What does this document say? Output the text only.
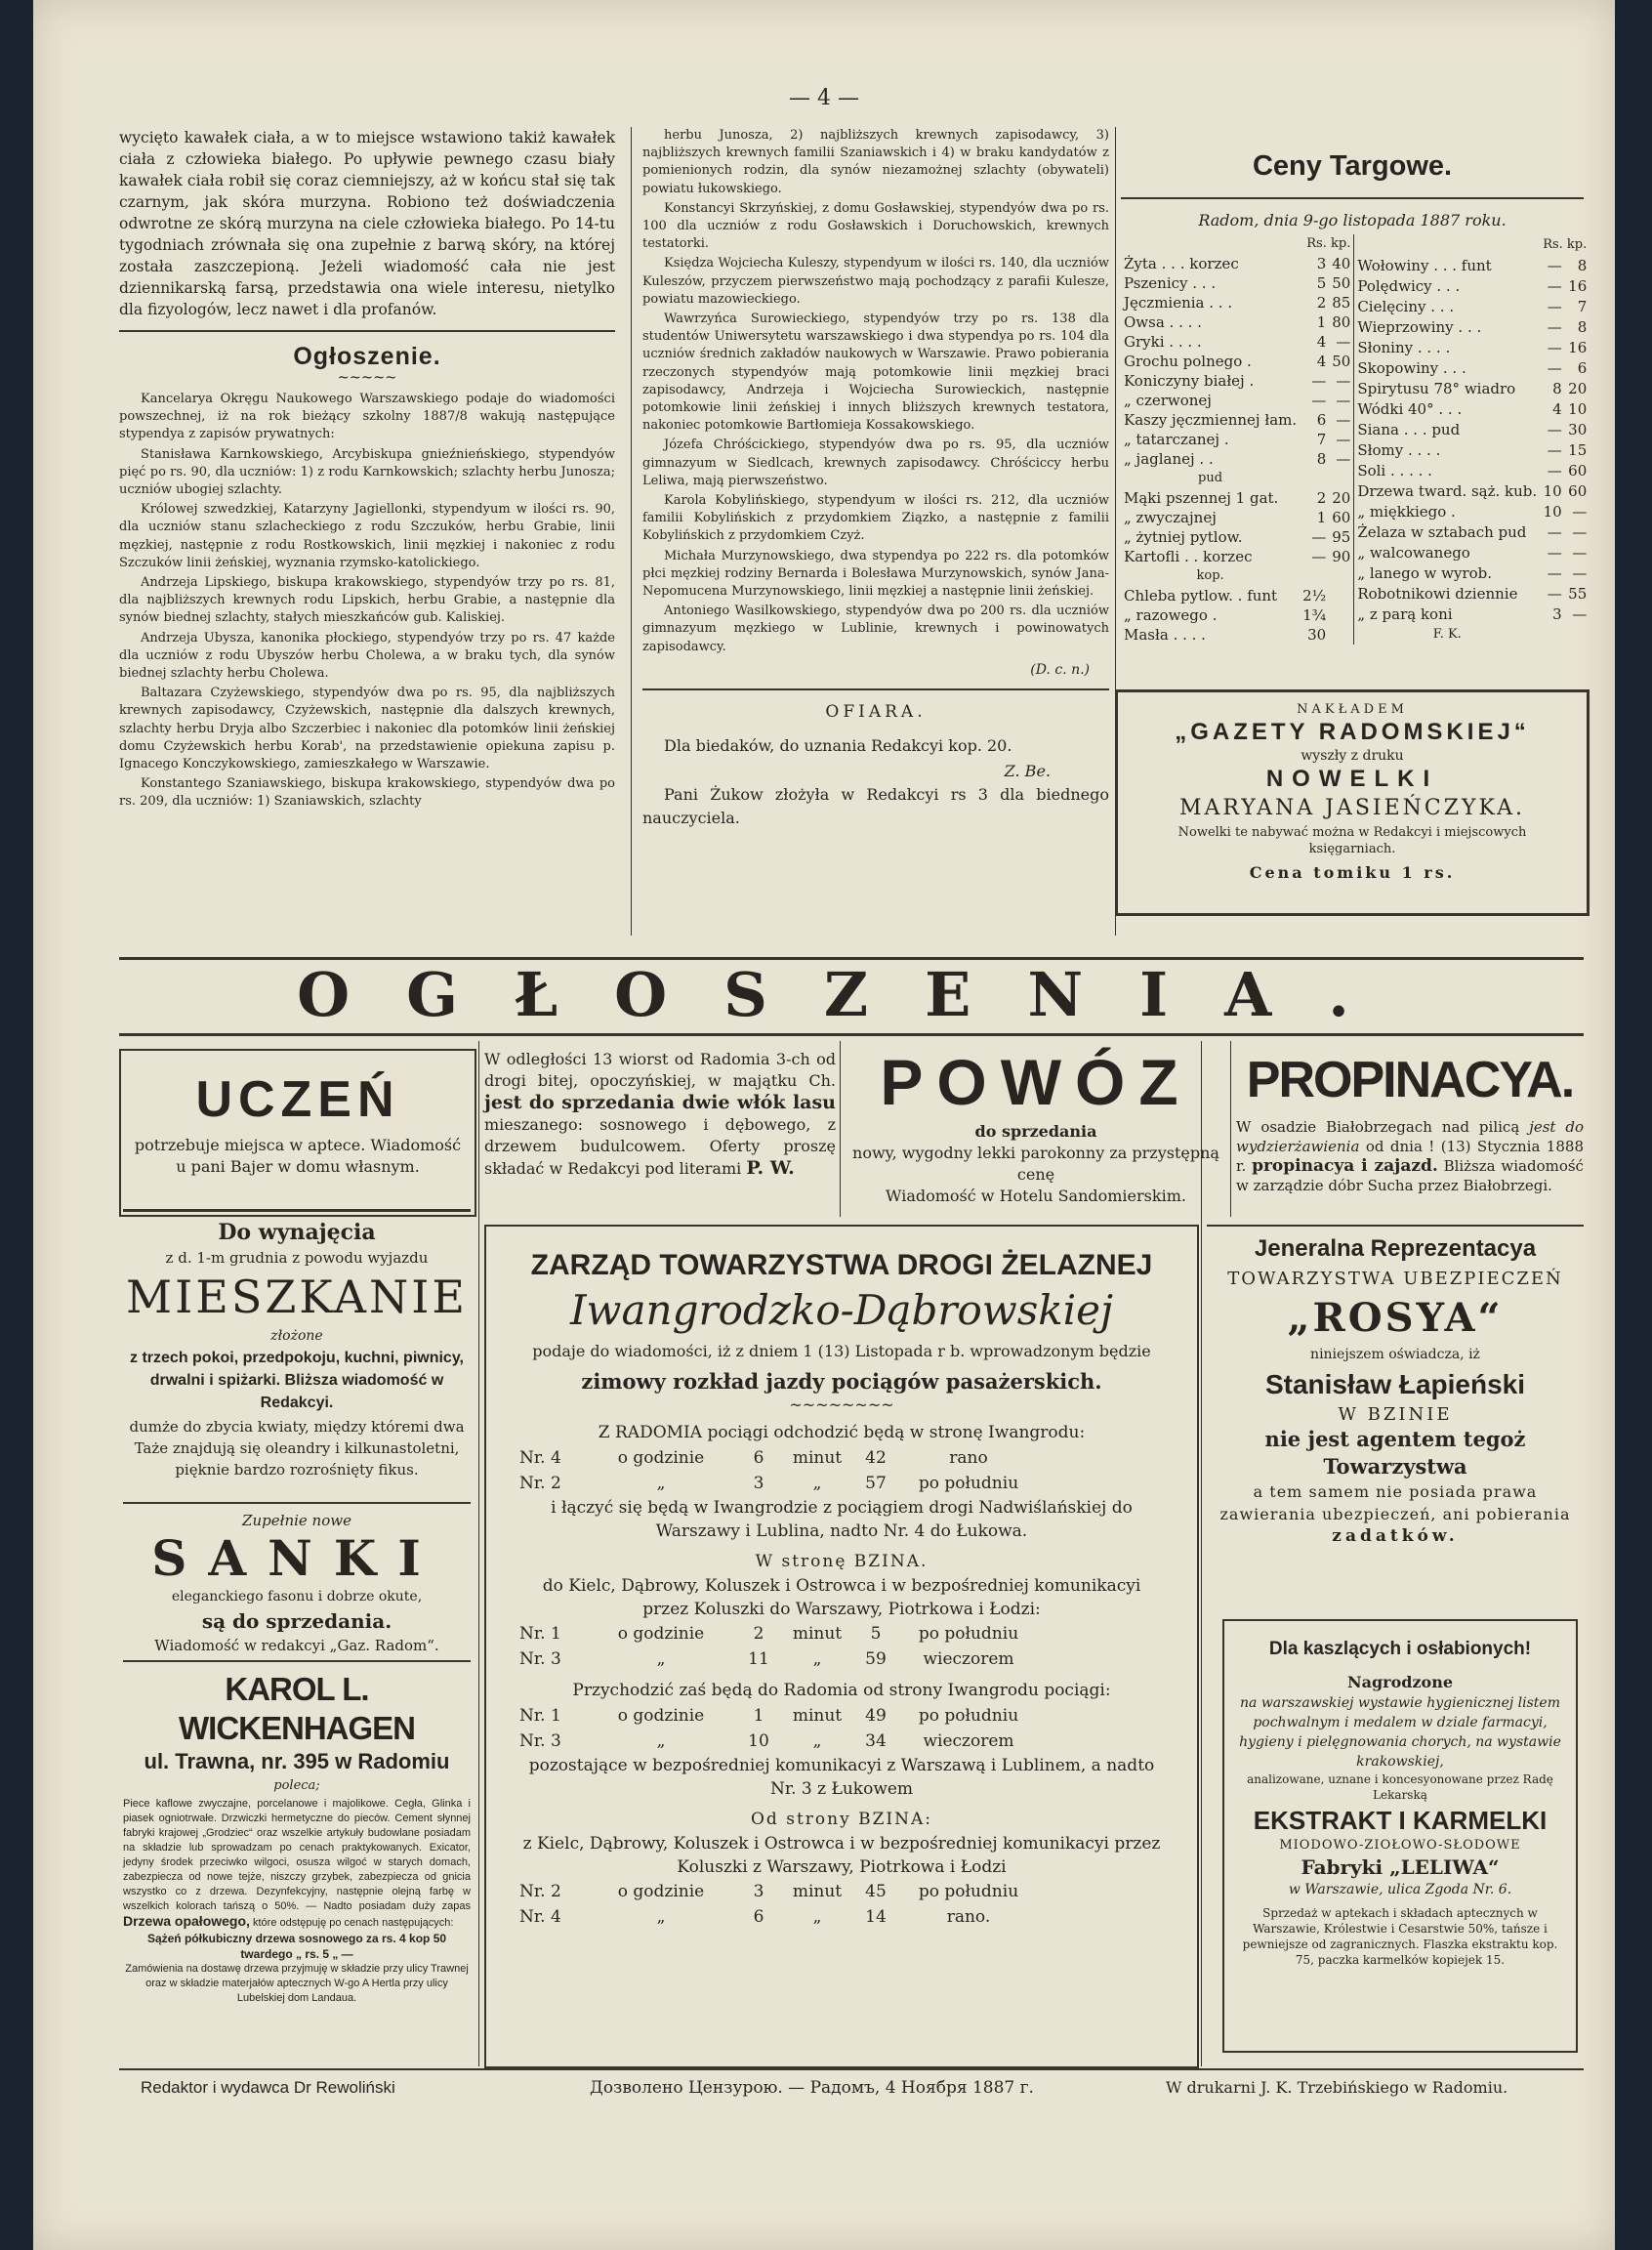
— 4 —

wycięto kawałek ciała, a w to miejsce wstawiono takiż kawałek ciała z człowieka białego. Po upływie pewnego czasu biały kawałek ciała robił się coraz ciemniejszy, aż w końcu stał się tak czarnym, jak skóra murzyna. Robiono też doświadczenia odwrotne ze skórą murzyna na ciele człowieka białego. Po 14-tu tygodniach zrównała się ona zupełnie z barwą skóry, na której została zaszczepioną. Jeżeli wiadomość cała nie jest dziennikarską farsą, przedstawia ona wiele interesu, nietylko dla fizyologów, lecz nawet i dla profanów.

Ogłoszenie.
~~~~~

Kancelarya Okręgu Naukowego Warszawskiego podaje do wiadomości powszechnej, iż na rok bieżący szkolny 1887/8 wakują następujące stypendya z zapisów prywatnych:

Stanisława Karnkowskiego, Arcybiskupa gnieźnieńskiego, stypendyów pięć po rs. 90, dla uczniów: 1) z rodu Karnkowskich; szlachty herbu Junosza; uczniów ubogiej szlachty.

Królowej szwedzkiej, Katarzyny Jagiellonki, stypendyum w ilości rs. 90, dla uczniów stanu szlacheckiego z rodu Szczuków, herbu Grabie, linii męzkiej, następnie z rodu Rostkowskich, linii męzkiej i nakoniec z rodu Szczuków linii żeńskiej, wyznania rzymsko-katolickiego.

Andrzeja Lipskiego, biskupa krakowskiego, stypendyów trzy po rs. 81, dla najbliższych krewnych rodu Lipskich, herbu Grabie, a następnie dla synów biednej szlachty, stałych mieszkańców gub. Kaliskiej.

Andrzeja Ubysza, kanonika płockiego, stypendyów trzy po rs. 47 każde dla uczniów z rodu Ubyszów herbu Cholewa, a w braku tych, dla synów biednej szlachty herbu Cholewa.

Baltazara Czyżewskiego, stypendyów dwa po rs. 95, dla najbliższych krewnych zapisodawcy, Czyżewskich, następnie dla dalszych krewnych, szlachty herbu Dryja albo Szczerbiec i nakoniec dla potomków linii żeńskiej domu Czyżewskich herbu Korab', na przedstawienie opiekuna zapisu p. Ignacego Konczykowskiego, zamieszkałego w Warszawie.

Konstantego Szaniawskiego, biskupa krakowskiego, stypendyów dwa po rs. 209, dla uczniów: 1) Szaniawskich, szlachty

herbu Junosza, 2) najbliższych krewnych zapisodawcy, 3) najbliższych krewnych familii Szaniawskich i 4) w braku kandydatów z pomienionych rodzin, dla synów niezamożnej szlachty (obywateli) powiatu łukowskiego.

Konstancyi Skrzyńskiej, z domu Gosławskiej, stypendyów dwa po rs. 100 dla uczniów z rodu Gosławskich i Doruchowskich, krewnych testatorki.

Księdza Wojciecha Kuleszy, stypendyum w ilości rs. 140, dla uczniów Kuleszów, przyczem pierwszeństwo mają pochodzący z parafii Kulesze, powiatu mazowieckiego.

Wawrzyńca Surowieckiego, stypendyów trzy po rs. 138 dla studentów Uniwersytetu warszawskiego i dwa stypendya po rs. 104 dla uczniów średnich zakładów naukowych w Warszawie. Prawo pobierania rzeczonych stypendyów mają potomkowie linii męzkiej braci zapisodawcy, Andrzeja i Wojciecha Surowieckich, następnie potomkowie linii żeńskiej i innych bliższych krewnych testatora, nakoniec potomkowie Bartłomieja Kossakowskiego.

Józefa Chróścickiego, stypendyów dwa po rs. 95, dla uczniów gimnazyum w Siedlcach, krewnych zapisodawcy. Chróściccy herbu Leliwa, mają pierwszeństwo.

Karola Kobylińskiego, stypendyum w ilości rs. 212, dla uczniów familii Kobylińskich z przydomkiem Ziązko, a następnie z familii Kobylińskich z przydomkiem Czyż.

Michała Murzynowskiego, dwa stypendya po 222 rs. dla potomków płci męzkiej rodziny Bernarda i Bolesława Murzynowskich, synów Jana-Nepomucena Murzynowskiego, linii męzkiej a następnie linii żeńskiej.

Antoniego Wasilkowskiego, stypendyów dwa po 200 rs. dla uczniów gimnazyum męzkiego w Lublinie, krewnych i powinowatych zapisodawcy.

(D. c. n.)
OFIARA.

Dla biedaków, do uznania Redakcyi kop. 20.

Z. Be.

Pani Żukow złożyła w Redakcyi rs 3 dla biednego nauczyciela.

Ceny Targowe.
Radom, dnia 9-go listopada 1887 roku.
	Rs. kp.	
Żyta . . . korzec	3	40
Pszenicy . . .	5	50
Jęczmienia . . .	2	85
Owsa . . . .	1	80
Gryki . . . .	4	—
Grochu polnego .	4	50
Koniczyny białej .	—	—
„ czerwonej	—	—
Kaszy jęczmiennej łam.	6	—
„ tatarczanej .	7	—
„ jaglanej . .	8	—
pud		
Mąki pszennej 1 gat.	2	20
„ zwyczajnej	1	60
„ żytniej pytlow.	—	95
Kartofli . . korzec	—	90
kop.		
Chleba pytlow. . funt	2½	
„ razowego .	1¾	
Masła . . . .	30	
	Rs. kp.	
Wołowiny . . . funt	—	8
Polędwicy . . .	—	16
Cielęciny . . .	—	7
Wieprzowiny . . .	—	8
Słoniny . . . .	—	16
Skopowiny . . .	—	6
Spirytusu 78° wiadro	8	20
Wódki 40° . . .	4	10
Siana . . . pud	—	30
Słomy . . . .	—	15
Soli . . . . .	—	60
Drzewa tward. sąż. kub.	10	60
„ miękkiego .	10	—
Żelaza w sztabach pud	—	—
„ walcowanego	—	—
„ lanego w wyrob.	—	—

Robotnikowi dziennie	—	55
„ z parą koni	3	—
F. K.		
NAKŁADEM
„GAZETY RADOMSKIEJ“
wyszły z druku
NOWELKI
MARYANA JASIEŃCZYKA.
Nowelki te nabywać można w Redakcyi i miejscowych księgarniach.
Cena tomiku 1 rs.
OGŁOSZENIA.
UCZEŃ
potrzebuje miejsca w aptece. Wiadomość u pani Bajer w domu własnym.
W odległości 13 wiorst od Radomia 3-ch od drogi bitej, opoczyńskiej, w majątku Ch. jest do sprzedania dwie włók lasu mieszanego: sosnowego i dębowego, z drzewem budulcowem. Oferty proszę składać w Redakcyi pod literami P. W.
POWÓZ
do sprzedania
nowy, wygodny lekki parokonny za przystępną cenę
Wiadomość w Hotelu Sandomierskim.
PROPINACYA.
W osadzie Białobrzegach nad pilicą jest do wydzierżawienia od dnia ! (13) Stycznia 1888 r. propinacya i zajazd. Bliższa wiadomość w zarządzie dóbr Sucha przez Białobrzegi.
Do wynajęcia
z d. 1-m grudnia z powodu wyjazdu
MIESZKANIE
złożone
z trzech pokoi, przedpokoju, kuchni, piwnicy, drwalni i spiżarki. Bliższa wiadomość w Redakcyi.
dumże do zbycia kwiaty, między któremi dwa Taże znajdują się oleandry i kilkunastoletni, pięknie bardzo rozrośnięty fikus.
Zupełnie nowe
SANKI
eleganckiego fasonu i dobrze okute,
są do sprzedania.
Wiadomość w redakcyi „Gaz. Radom“.
KAROL L. WICKENHAGEN
ul. Trawna, nr. 395 w Radomiu
poleca;
Piece kaflowe zwyczajne, porcelanowe i majolikowe. Cegła, Glinka i piasek ogniotrwałe. Drzwiczki hermetyczne do pieców. Cement słynnej fabryki krajowej „Grodziec“ oraz wszelkie artykuły budowlane posiadam na składzie lub sprowadzam po cenach praktykowanych. Exicator, jedyny środek przeciwko wilgoci, osusza wilgoć w starych domach, zabezpiecza od nowe tejże, niszczy grzybek, zabezpiecza od gnicia wszystko co z drzewa. Dezynfekcyjny, następnie olejną farbę w wszelkich kolorach tańszą o 50%. — Nadto posiadam duży zapas Drzewa opałowego, które odstępuję po cenach następujących:
Sążeń półkubiczny drzewa sosnowego za rs. 4 kop 50
twardego „ rs. 5 „ —
Zamówienia na dostawę drzewa przyjmuję w składzie przy ulicy Trawnej oraz w składzie materjałów aptecznych W-go A Hertla przy ulicy Lubelskiej dom Landaua.
ZARZĄD TOWARZYSTWA DROGI ŻELAZNEJ
Iwangrodzko-Dąbrowskiej
podaje do wiadomości, iż z dniem 1 (13) Listopada r b. wprowadzonym będzie
zimowy rozkład jazdy pociągów pasażerskich.
~~~~~~~~
Z RADOMIA pociągi odchodzić będą w stronę Iwangrodu:
Nr. 4	o godzinie	6	minut	42	rano
Nr. 2	„	3	„	57	po południu
i łączyć się będą w Iwangrodzie z pociągiem drogi Nadwiślańskiej do Warszawy i Lublina, nadto Nr. 4 do Łukowa.
W stronę BZINA.
do Kielc, Dąbrowy, Koluszek i Ostrowca i w bezpośredniej komunikacyi przez Koluszki do Warszawy, Piotrkowa i Łodzi:
Nr. 1	o godzinie	2	minut	5	po południu
Nr. 3	„	11	„	59	wieczorem
Przychodzić zaś będą do Radomia od strony Iwangrodu pociągi:
Nr. 1	o godzinie	1	minut	49	po południu
Nr. 3	„	10	„	34	wieczorem
pozostające w bezpośredniej komunikacyi z Warszawą i Lublinem, a nadto Nr. 3 z Łukowem
Od strony BZINA:
z Kielc, Dąbrowy, Koluszek i Ostrowca i w bezpośredniej komunikacyi przez Koluszki z Warszawy, Piotrkowa i Łodzi
Nr. 2	o godzinie	3	minut	45	po południu
Nr. 4	„	6	„	14	rano.
Jeneralna Reprezentacya
TOWARZYSTWA UBEZPIECZEŃ
„ROSYA“
niniejszem oświadcza, iż
Stanisław Łapieński
W BZINIE
nie jest agentem tegoż Towarzystwa
a tem samem nie posiada prawa zawierania ubezpieczeń, ani pobierania
zadatków.
Dla kaszlących i osłabionych!
Nagrodzone
na warszawskiej wystawie hygienicznej listem pochwalnym i medalem w dziale farmacyi, hygieny i pielęgnowania chorych, na wystawie krakowskiej,
analizowane, uznane i koncesyonowane przez Radę Lekarską
EKSTRAKT I KARMELKI
MIODOWO-ZIOŁOWO-SŁODOWE
Fabryki „LELIWA“
w Warszawie, ulica Zgoda Nr. 6.
Sprzedaż w aptekach i składach aptecznych w Warszawie, Królestwie i Cesarstwie 50%, tańsze i pewniejsze od zagranicznych. Flaszka ekstraktu kop. 75, paczka karmelków kopiejek 15.
Redaktor i wydawca Dr Rewoliński	Дозволено Цензурою. — Радомъ, 4 Ноября 1887 г.	W drukarni J. K. Trzebińskiego w Radomiu.
